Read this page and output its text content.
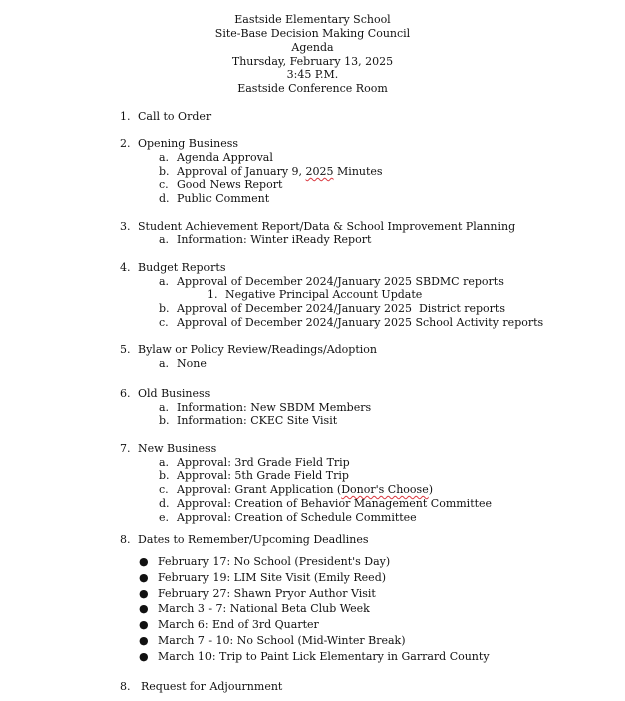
Eastside Elementary School
Site-Base Decision Making Council
Agenda
Thursday, February 13, 2025
3:45 P.M.
Eastside Conference Room
1. Call to Order
2. Opening Business
a. Agenda Approval
b. Approval of January 9, 2025 Minutes
c. Good News Report
d. Public Comment
3. Student Achievement Report/Data & School Improvement Planning
a. Information: Winter iReady Report
4. Budget Reports
a. Approval of December 2024/January 2025 SBDMC reports
1. Negative Principal Account Update
b. Approval of December 2024/January 2025  District reports
c. Approval of December 2024/January 2025 School Activity reports
5. Bylaw or Policy Review/Readings/Adoption
a. None
6. Old Business
a. Information: New SBDM Members
b. Information: CKEC Site Visit
7. New Business
a. Approval: 3rd Grade Field Trip
b. Approval: 5th Grade Field Trip
c. Approval: Grant Application (Donor's Choose)
d. Approval: Creation of Behavior Management Committee
e. Approval: Creation of Schedule Committee
8. Dates to Remember/Upcoming Deadlines
● February 17: No School (President's Day)
● February 19: LIM Site Visit (Emily Reed)
● February 27: Shawn Pryor Author Visit
● March 3 - 7: National Beta Club Week
● March 6: End of 3rd Quarter
● March 7 - 10: No School (Mid-Winter Break)
● March 10: Trip to Paint Lick Elementary in Garrard County
8. Request for Adjournment
